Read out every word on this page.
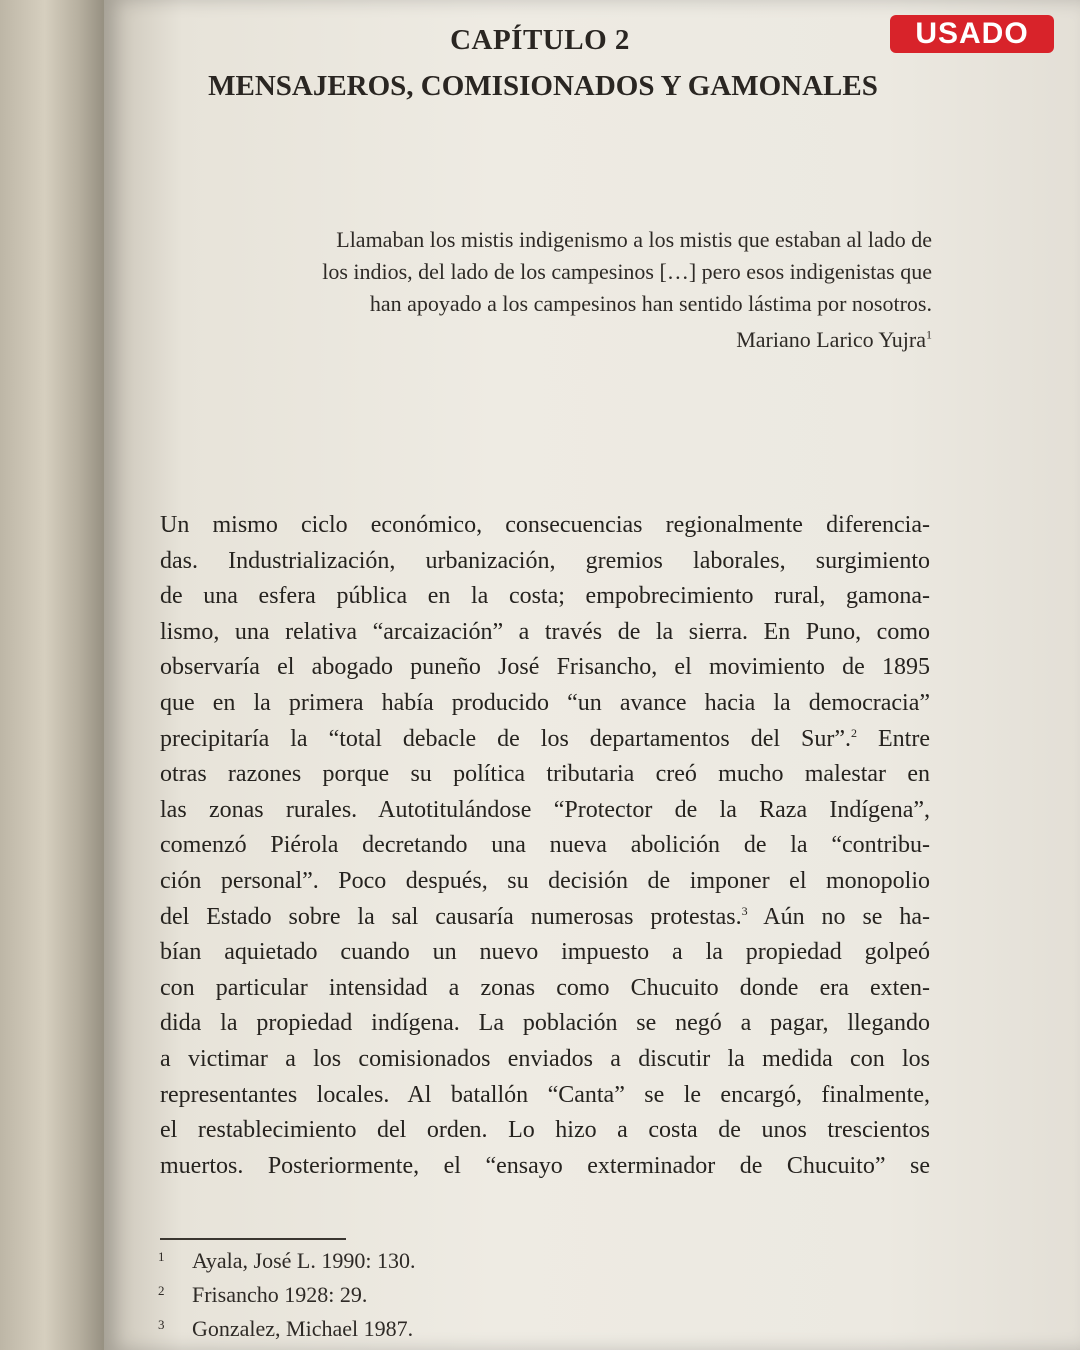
USADO
CAPÍTULO 2
MENSAJEROS, COMISIONADOS Y GAMONALES
Llamaban los mistis indigenismo a los mistis que estaban al lado de
los indios, del lado de los campesinos […] pero esos indigenistas que
han apoyado a los campesinos han sentido lástima por nosotros.
Mariano Larico Yujra$^1$
Un mismo ciclo económico, consecuencias regionalmente diferencia-
das. Industrialización, urbanización, gremios laborales, surgimiento
de una esfera pública en la costa; empobrecimiento rural, gamona-
lismo, una relativa “arcaización” a través de la sierra. En Puno, como
observaría el abogado puneño José Frisancho, el movimiento de 1895
que en la primera había producido “un avance hacia la democracia”
precipitaría la “total debacle de los departamentos del Sur”.$^2$ Entre
otras razones porque su política tributaria creó mucho malestar en
las zonas rurales. Autotitulándose “Protector de la Raza Indígena”,
comenzó Piérola decretando una nueva abolición de la “contribu-
ción personal”. Poco después, su decisión de imponer el monopolio
del Estado sobre la sal causaría numerosas protestas.$^3$ Aún no se ha-
bían aquietado cuando un nuevo impuesto a la propiedad golpeó
con particular intensidad a zonas como Chucuito donde era exten-
dida la propiedad indígena. La población se negó a pagar, llegando
a victimar a los comisionados enviados a discutir la medida con los
representantes locales. Al batallón “Canta” se le encargó, finalmente,
el restablecimiento del orden. Lo hizo a costa de unos trescientos
muertos. Posteriormente, el “ensayo exterminador de Chucuito” se
1 Ayala, José L. 1990: 130.
2 Frisancho 1928: 29.
3 Gonzalez, Michael 1987.
